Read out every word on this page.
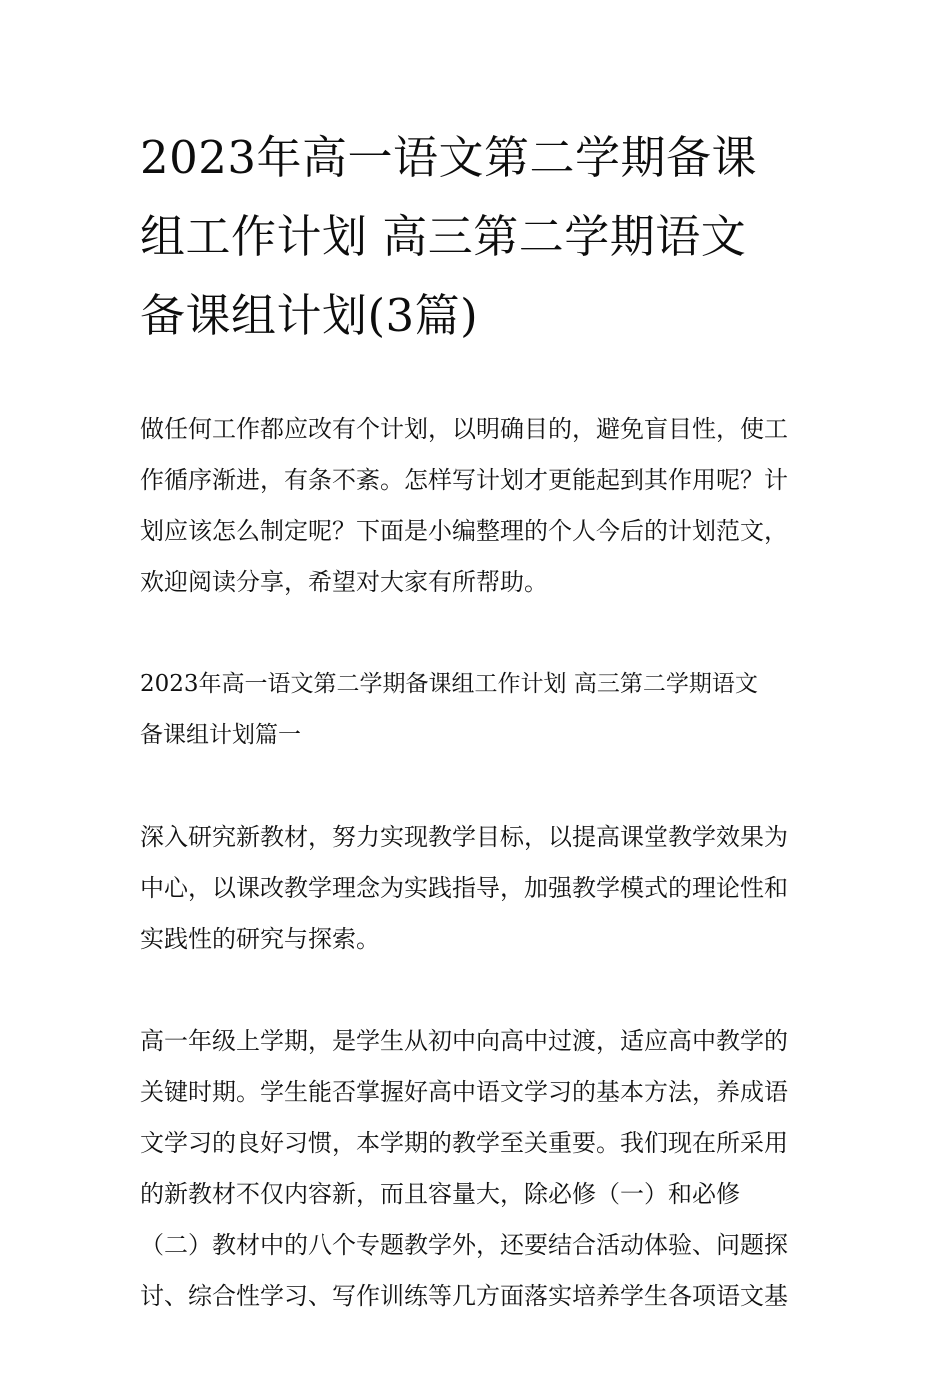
2023年高一语文第二学期备课
组工作计划 高三第二学期语文
备课组计划(3篇)

做任何工作都应改有个计划，以明确目的，避免盲目性，使工
作循序渐进，有条不紊。怎样写计划才更能起到其作用呢？计
划应该怎么制定呢？下面是小编整理的个人今后的计划范文，
欢迎阅读分享，希望对大家有所帮助。

2023年高一语文第二学期备课组工作计划 高三第二学期语文
备课组计划篇一

深入研究新教材，努力实现教学目标，以提高课堂教学效果为
中心，以课改教学理念为实践指导，加强教学模式的理论性和
实践性的研究与探索。

高一年级上学期，是学生从初中向高中过渡，适应高中教学的
关键时期。学生能否掌握好高中语文学习的基本方法，养成语
文学习的良好习惯，本学期的教学至关重要。我们现在所采用
的新教材不仅内容新，而且容量大，除必修（一）和必修
（二）教材中的八个专题教学外，还要结合活动体验、问题探
讨、综合性学习、写作训练等几方面落实培养学生各项语文基
